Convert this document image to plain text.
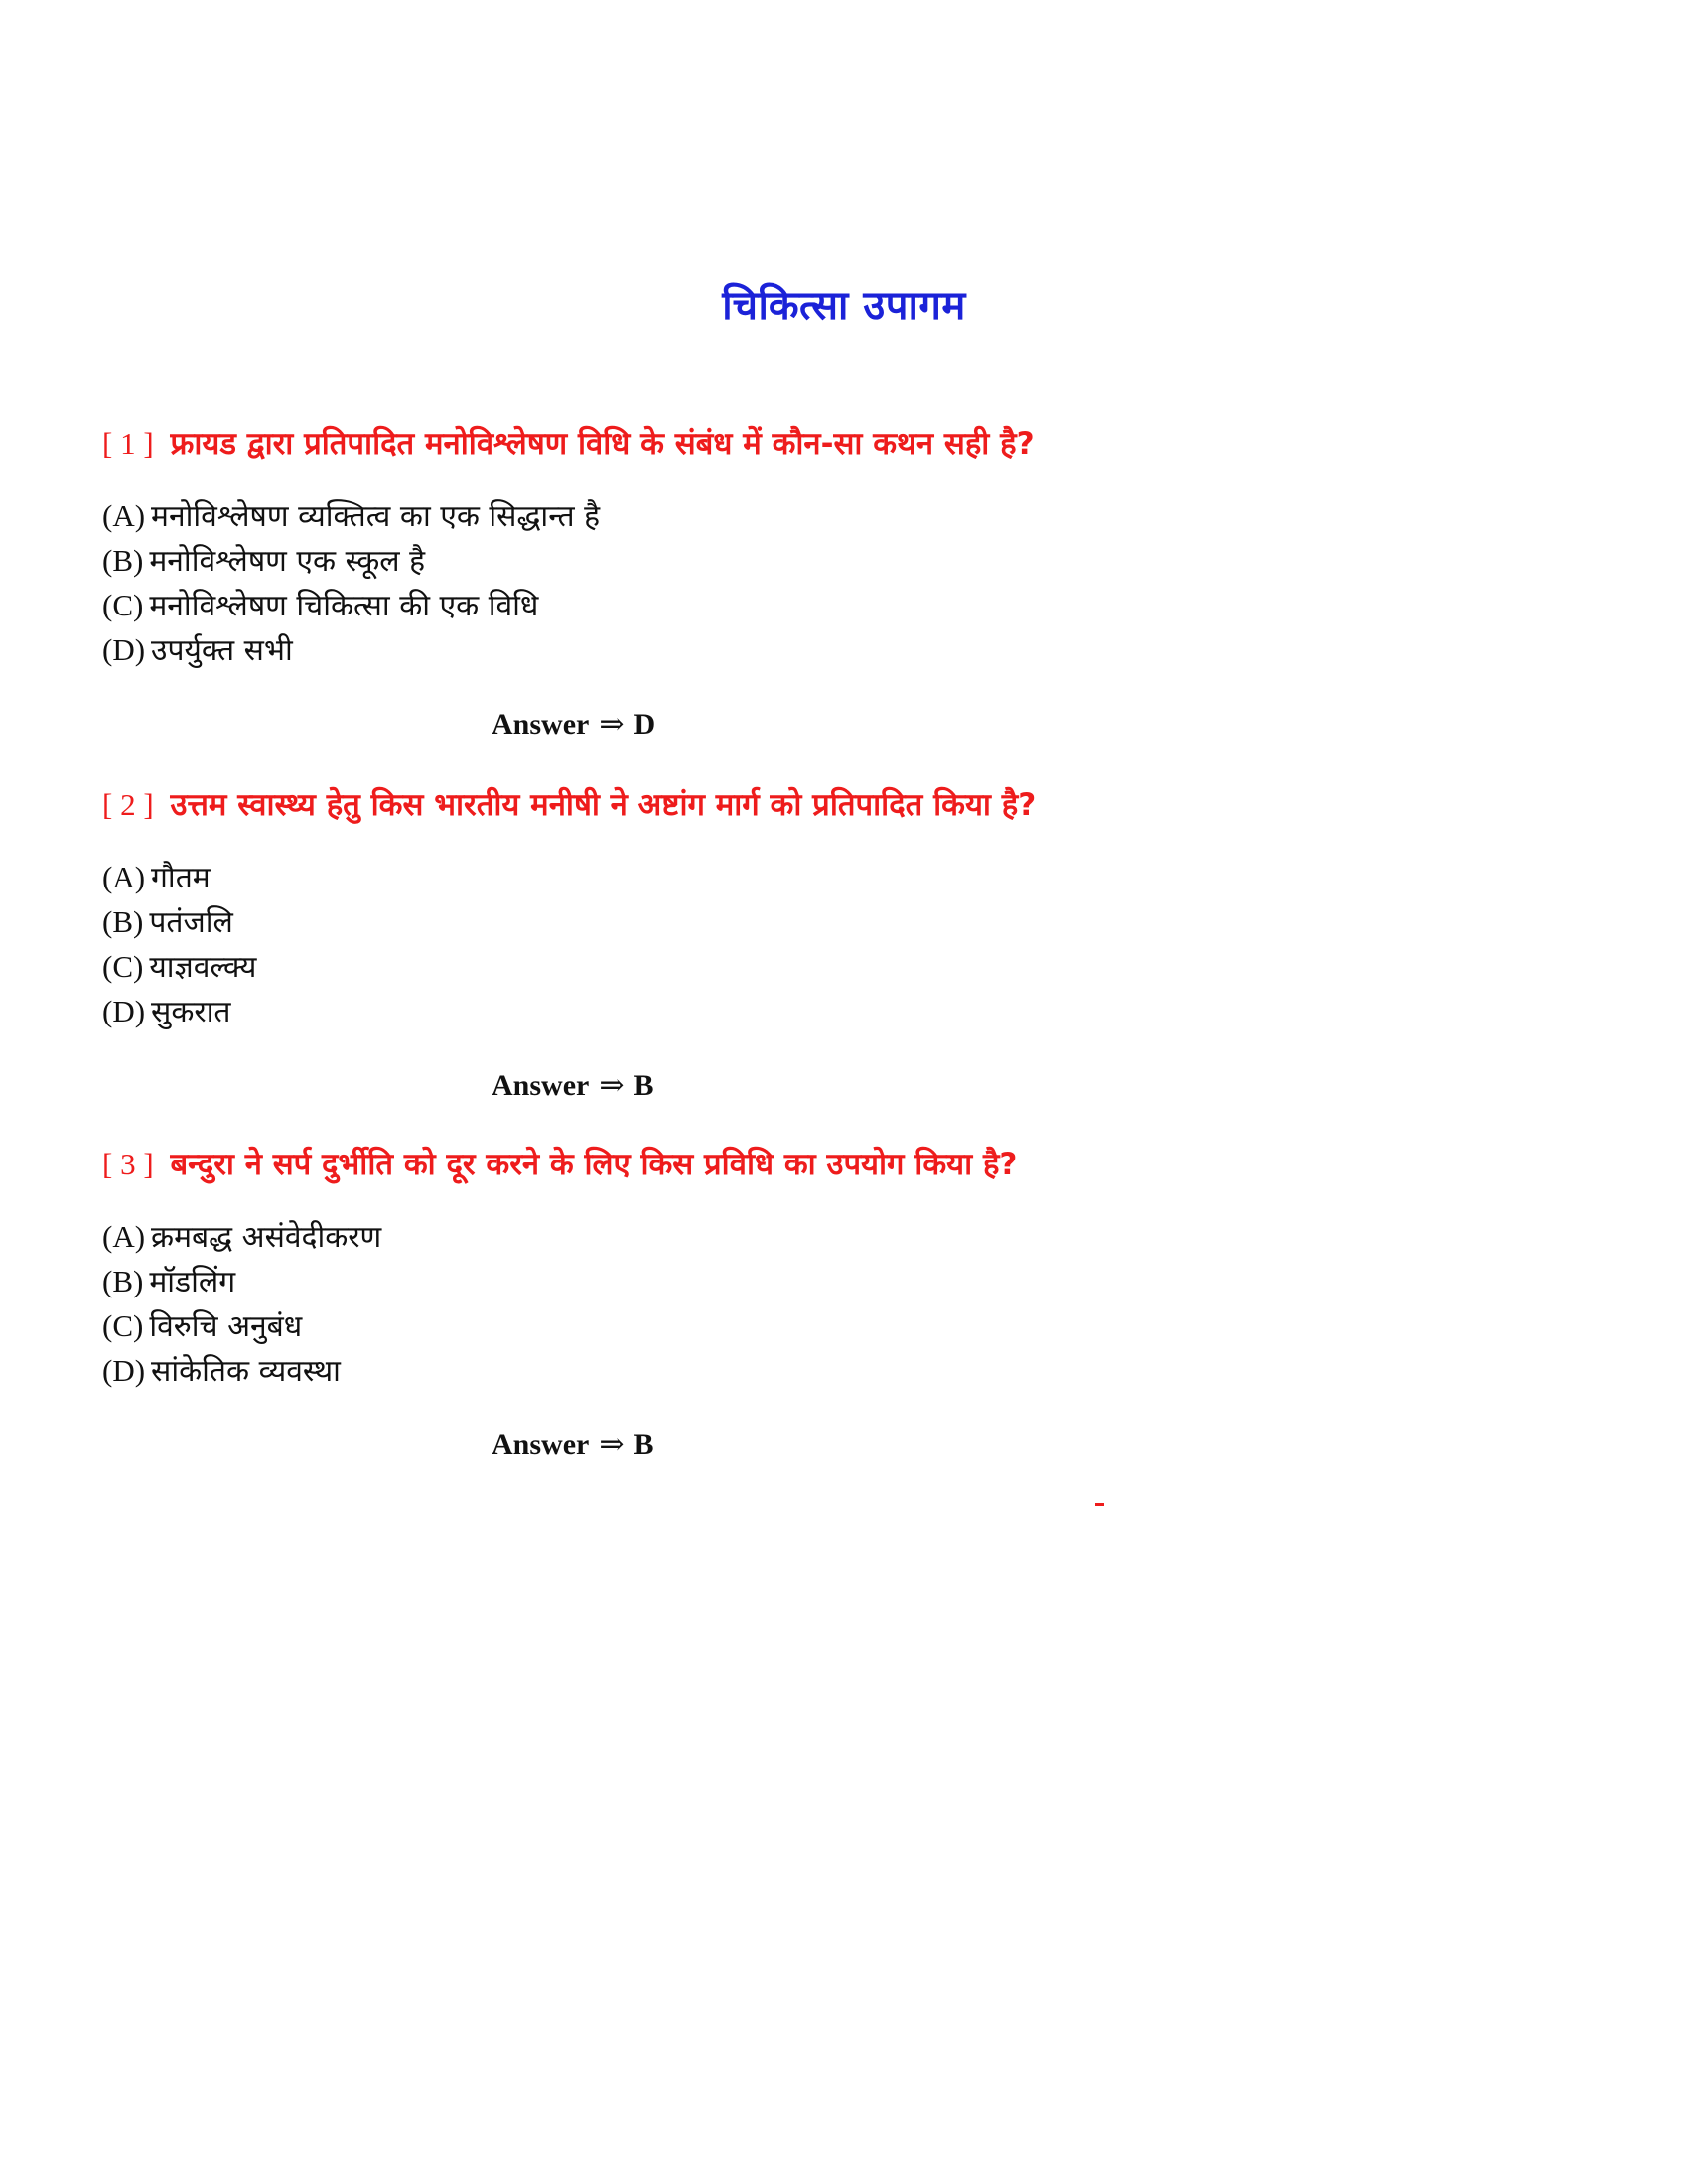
चिकित्सा उपागम
[ 1 ] फ्रायड द्वारा प्रतिपादित मनोविश्लेषण विधि के संबंध में कौन-सा कथन सही है?
(A) मनोविश्लेषण व्यक्तित्व का एक सिद्धान्त है
(B) मनोविश्लेषण एक स्कूल है
(C) मनोविश्लेषण चिकित्सा की एक विधि
(D) उपर्युक्त सभी
Answer ⇒ D
[ 2 ] उत्तम स्वास्थ्य हेतु किस भारतीय मनीषी ने अष्टांग मार्ग को प्रतिपादित किया है?
(A) गौतम
(B) पतंजलि
(C) याज्ञवल्क्य
(D) सुकरात
Answer ⇒ B
[ 3 ] बन्दुरा ने सर्प दुर्भीति को दूर करने के लिए किस प्रविधि का उपयोग किया है?
(A) क्रमबद्ध असंवेदीकरण
(B) मॉडलिंग
(C) विरुचि अनुबंध
(D) सांकेतिक व्यवस्था
Answer ⇒ B
